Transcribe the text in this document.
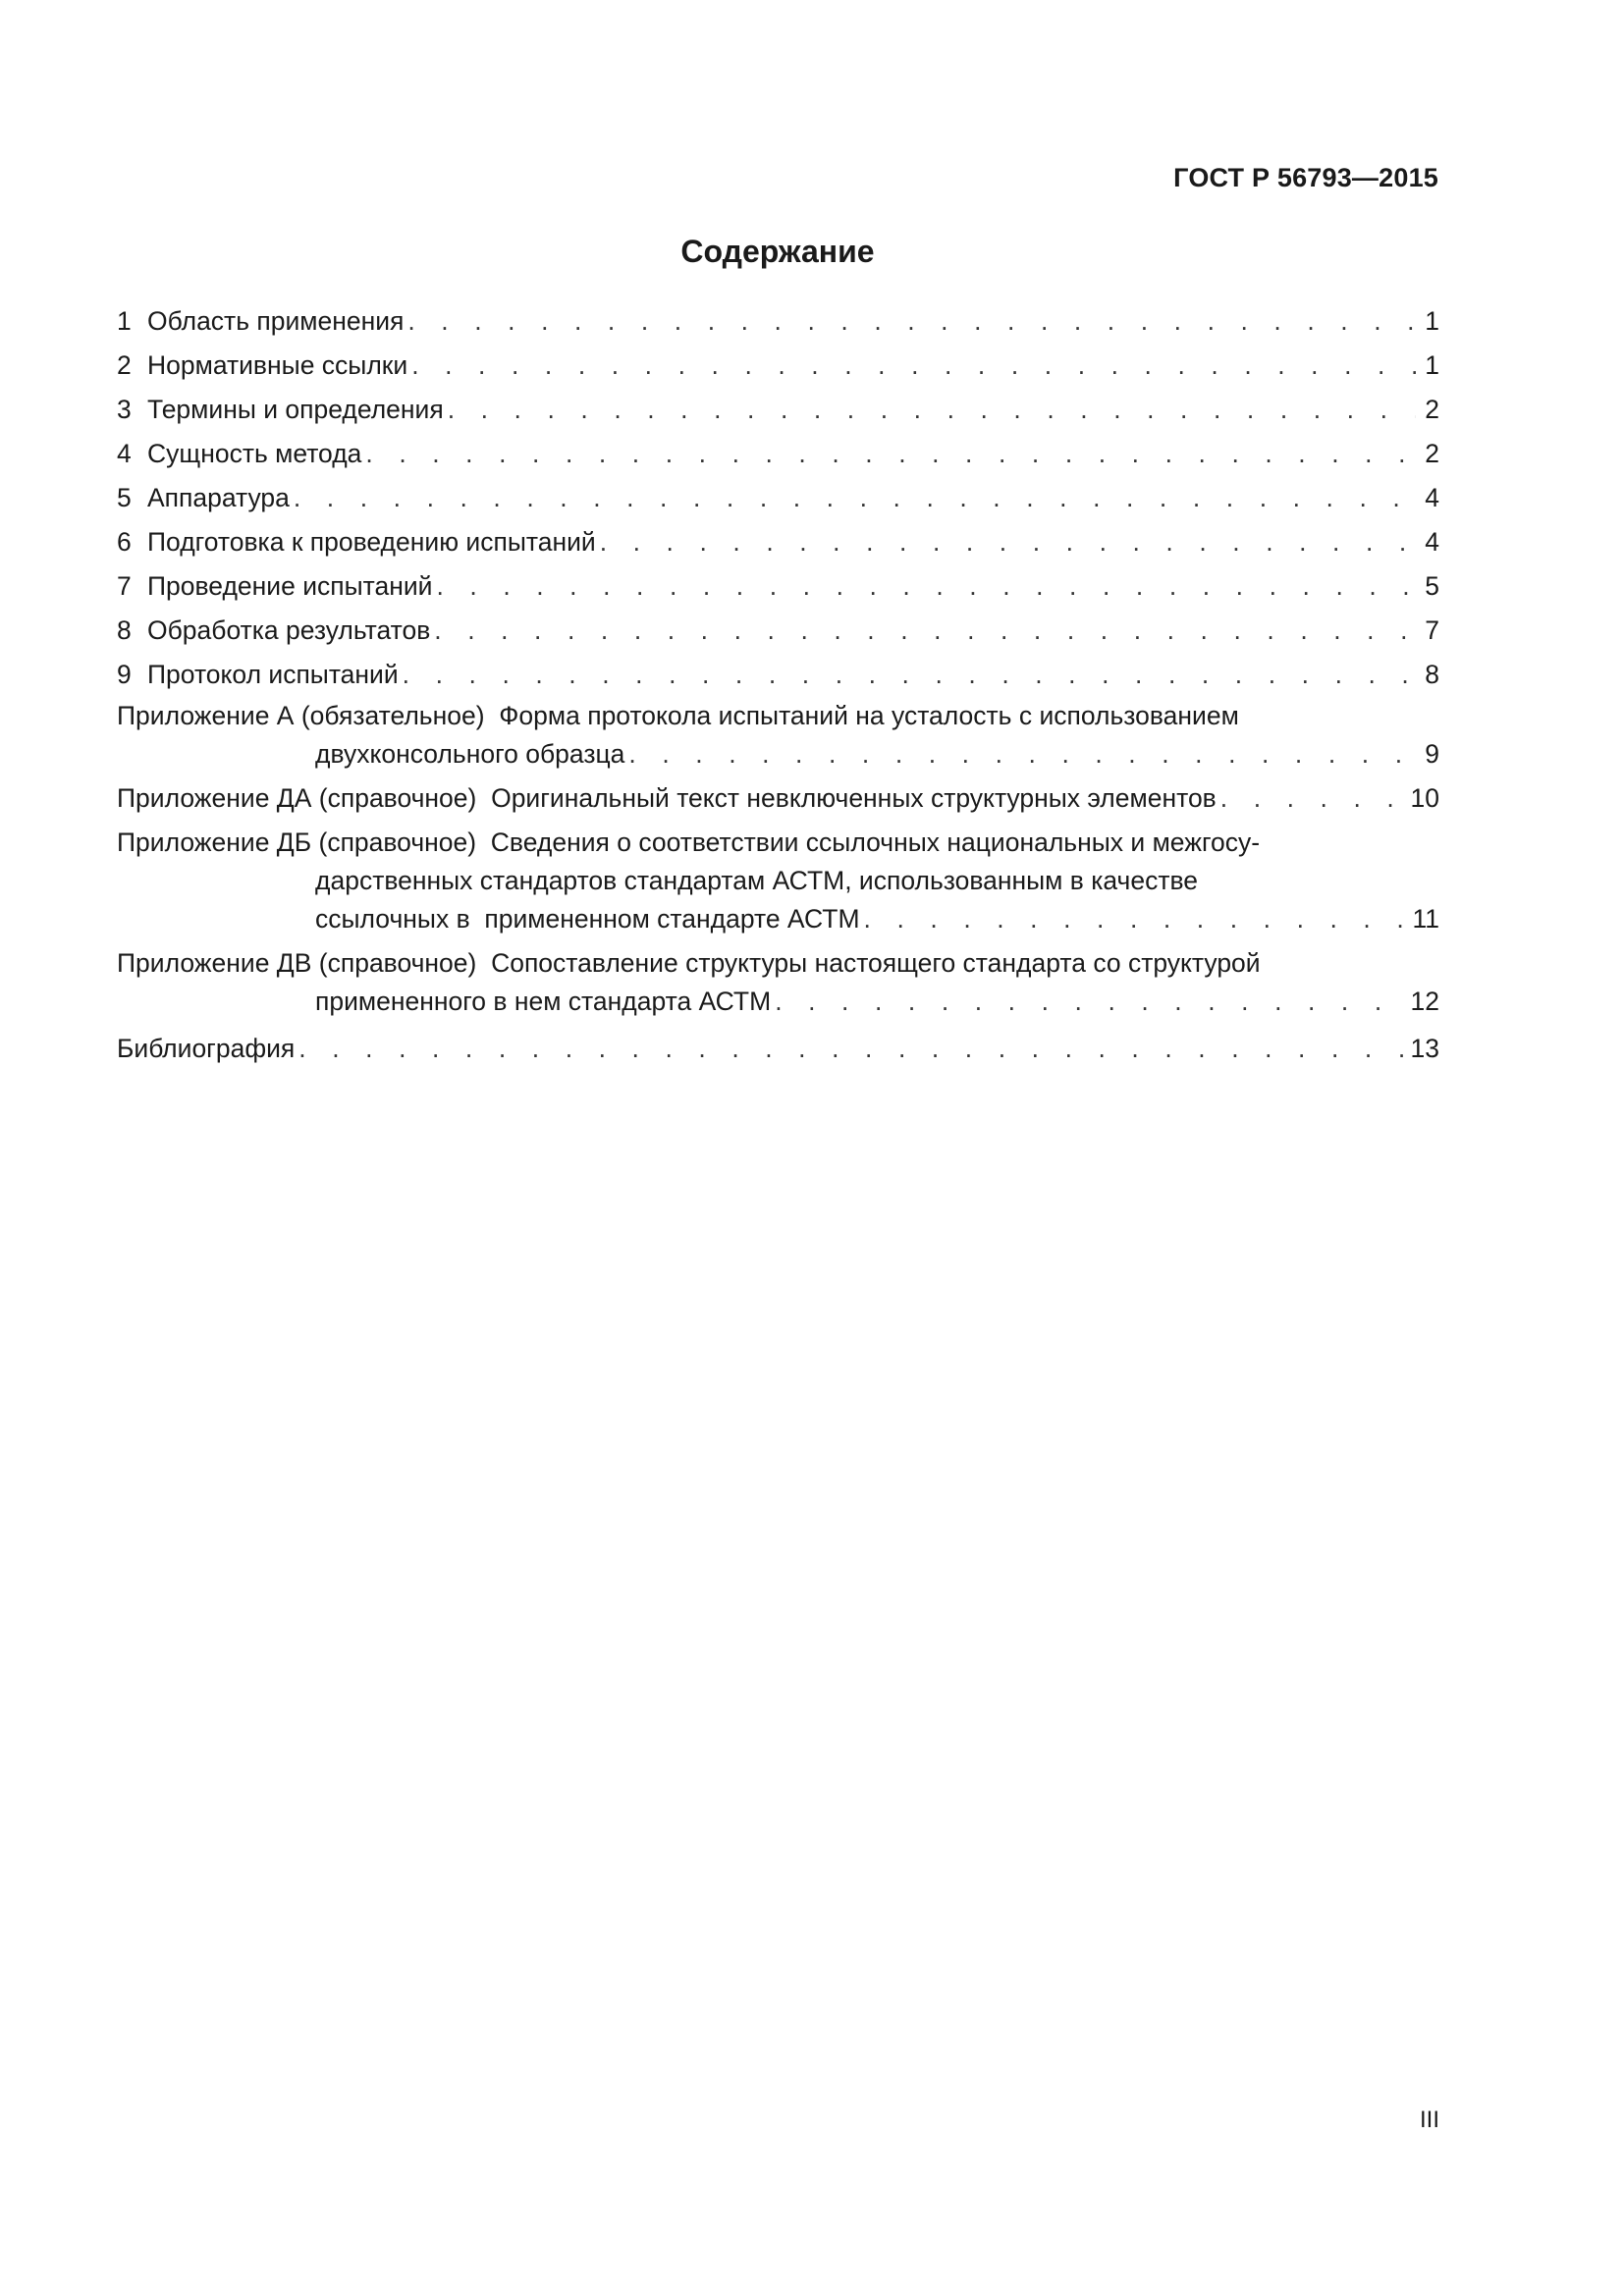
ГОСТ Р 56793—2015
Содержание
1 Область применения . . .	1
2 Нормативные ссылки . . .	1
3 Термины и определения . . .	2
4 Сущность метода . . .	2
5 Аппаратура . . .	4
6 Подготовка к проведению испытаний . . .	4
7 Проведение испытаний . . .	5
8 Обработка результатов . . .	7
9 Протокол испытаний . . .	8
Приложение А (обязательное)  Форма протокола испытаний на усталость с использованием
двухконсольного образца . . .	9
Приложение ДА (справочное)  Оригинальный текст невключенных структурных элементов . . .	10
Приложение ДБ (справочное)  Сведения о соответствии ссылочных национальных и межгосу-
дарственных стандартов стандартам АСТМ, использованным в качестве
ссылочных в  примененном стандарте АСТМ . . .	11
Приложение ДВ (справочное)  Сопоставление структуры настоящего стандарта со структурой
примененного в нем стандарта АСТМ . . .	12
Библиография . . .	13
III
